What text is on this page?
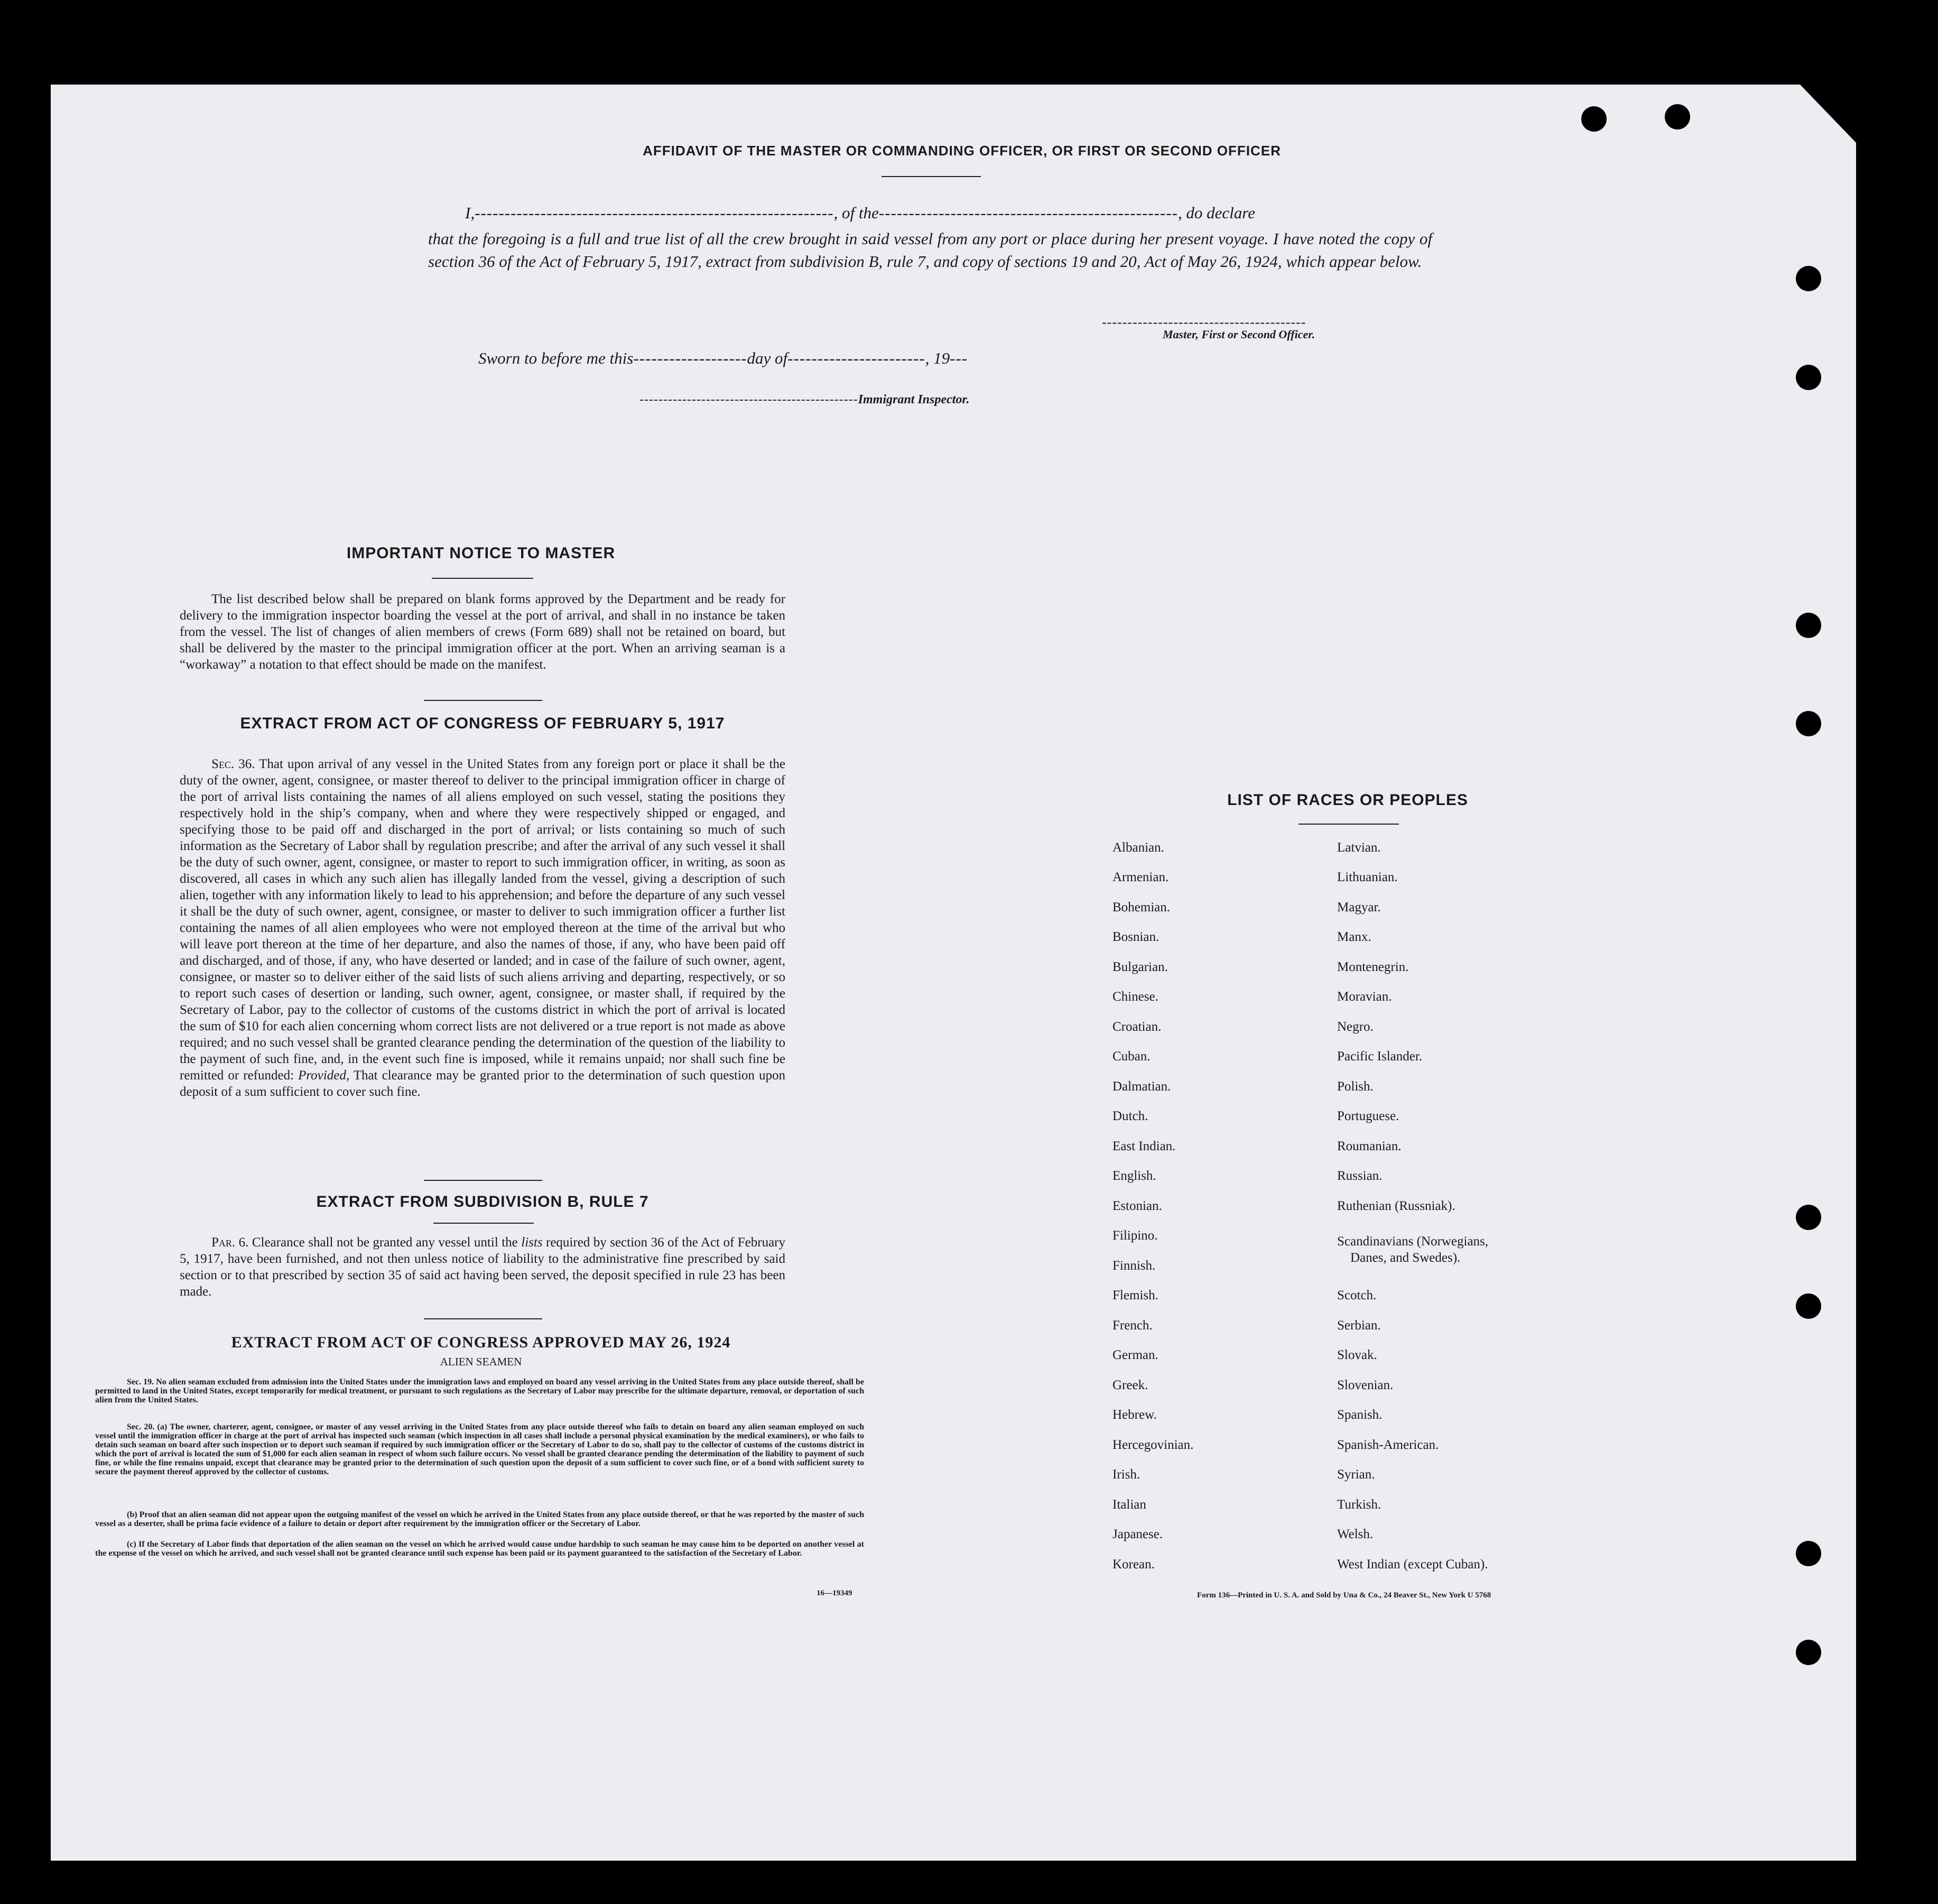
AFFIDAVIT OF THE MASTER OR COMMANDING OFFICER, OR FIRST OR SECOND OFFICER
I,------------------------------------------------------------, of the--------------------------------------------------, do declare
that the foregoing is a full and true list of all the crew brought in said vessel from any port or place during her present voyage. I have noted the copy of section 36 of the Act of February 5, 1917, extract from subdivision B, rule 7, and copy of sections 19 and 20, Act of May 26, 1924, which appear below.
----------------------------------------
Master, First or Second Officer.
Sworn to before me this-------------------day of-----------------------, 19---
----------------------------------------------Immigrant Inspector.
IMPORTANT NOTICE TO MASTER

The list described below shall be prepared on blank forms approved by the Department and be ready for delivery to the immigration inspector boarding the vessel at the port of arrival, and shall in no instance be taken from the vessel. The list of changes of alien members of crews (Form 689) shall not be retained on board, but shall be delivered by the master to the principal immigration officer at the port. When an arriving seaman is a “workaway” a notation to that effect should be made on the manifest.

EXTRACT FROM ACT OF CONGRESS OF FEBRUARY 5, 1917

Sec. 36. That upon arrival of any vessel in the United States from any foreign port or place it shall be the duty of the owner, agent, consignee, or master thereof to deliver to the principal immigration officer in charge of the port of arrival lists containing the names of all aliens employed on such vessel, stating the positions they respectively hold in the ship’s company, when and where they were respectively shipped or engaged, and specifying those to be paid off and discharged in the port of arrival; or lists containing so much of such information as the Secretary of Labor shall by regulation prescribe; and after the arrival of any such vessel it shall be the duty of such owner, agent, consignee, or master to report to such immigration officer, in writing, as soon as discovered, all cases in which any such alien has illegally landed from the vessel, giving a description of such alien, together with any information likely to lead to his apprehension; and before the departure of any such vessel it shall be the duty of such owner, agent, consignee, or master to deliver to such immigration officer a further list containing the names of all alien employees who were not employed thereon at the time of the arrival but who will leave port thereon at the time of her departure, and also the names of those, if any, who have been paid off and discharged, and of those, if any, who have deserted or landed; and in case of the failure of such owner, agent, consignee, or master so to deliver either of the said lists of such aliens arriving and departing, respectively, or so to report such cases of desertion or landing, such owner, agent, consignee, or master shall, if required by the Secretary of Labor, pay to the collector of customs of the customs district in which the port of arrival is located the sum of $10 for each alien concerning whom correct lists are not delivered or a true report is not made as above required; and no such vessel shall be granted clearance pending the determination of the question of the liability to the payment of such fine, and, in the event such fine is imposed, while it remains unpaid; nor shall such fine be remitted or refunded: Provided, That clearance may be granted prior to the determination of such question upon deposit of a sum sufficient to cover such fine.

EXTRACT FROM SUBDIVISION B, RULE 7

Par. 6. Clearance shall not be granted any vessel until the lists required by section 36 of the Act of February 5, 1917, have been furnished, and not then unless notice of liability to the administrative fine prescribed by said section or to that prescribed by section 35 of said act having been served, the deposit specified in rule 23 has been made.

EXTRACT FROM ACT OF CONGRESS APPROVED MAY 26, 1924
ALIEN SEAMEN

Sec. 19. No alien seaman excluded from admission into the United States under the immigration laws and employed on board any vessel arriving in the United States from any place outside thereof, shall be permitted to land in the United States, except temporarily for medical treatment, or pursuant to such regulations as the Secretary of Labor may prescribe for the ultimate departure, removal, or deportation of such alien from the United States.

Sec. 20. (a) The owner, charterer, agent, consignee, or master of any vessel arriving in the United States from any place outside thereof who fails to detain on board any alien seaman employed on such vessel until the immigration officer in charge at the port of arrival has inspected such seaman (which inspection in all cases shall include a personal physical examination by the medical examiners), or who fails to detain such seaman on board after such inspection or to deport such seaman if required by such immigration officer or the Secretary of Labor to do so, shall pay to the collector of customs of the customs district in which the port of arrival is located the sum of $1,000 for each alien seaman in respect of whom such failure occurs. No vessel shall be granted clearance pending the determination of the liability to payment of such fine, or while the fine remains unpaid, except that clearance may be granted prior to the determination of such question upon the deposit of a sum sufficient to cover such fine, or of a bond with sufficient surety to secure the payment thereof approved by the collector of customs.

(b) Proof that an alien seaman did not appear upon the outgoing manifest of the vessel on which he arrived in the United States from any place outside thereof, or that he was reported by the master of such vessel as a deserter, shall be prima facie evidence of a failure to detain or deport after requirement by the immigration officer or the Secretary of Labor.

(c) If the Secretary of Labor finds that deportation of the alien seaman on the vessel on which he arrived would cause undue hardship to such seaman he may cause him to be deported on another vessel at the expense of the vessel on which he arrived, and such vessel shall not be granted clearance until such expense has been paid or its payment guaranteed to the satisfaction of the Secretary of Labor.

16—19349
LIST OF RACES OR PEOPLES
Albanian.
Armenian.
Bohemian.
Bosnian.
Bulgarian.
Chinese.
Croatian.
Cuban.
Dalmatian.
Dutch.
East Indian.
English.
Estonian.
Filipino.
Finnish.
Flemish.
French.
German.
Greek.
Hebrew.
Hercegovinian.
Irish.
Italian
Japanese.
Korean.
Latvian.
Lithuanian.
Magyar.
Manx.
Montenegrin.
Moravian.
Negro.
Pacific Islander.
Polish.
Portuguese.
Roumanian.
Russian.
Ruthenian (Russniak).
Scandinavians (Norwegians,
Danes, and Swedes).
Scotch.
Serbian.
Slovak.
Slovenian.
Spanish.
Spanish-American.
Syrian.
Turkish.
Welsh.
West Indian (except Cuban).
Form 136—Printed in U. S. A. and Sold by Una & Co., 24 Beaver St., New York U 5768
